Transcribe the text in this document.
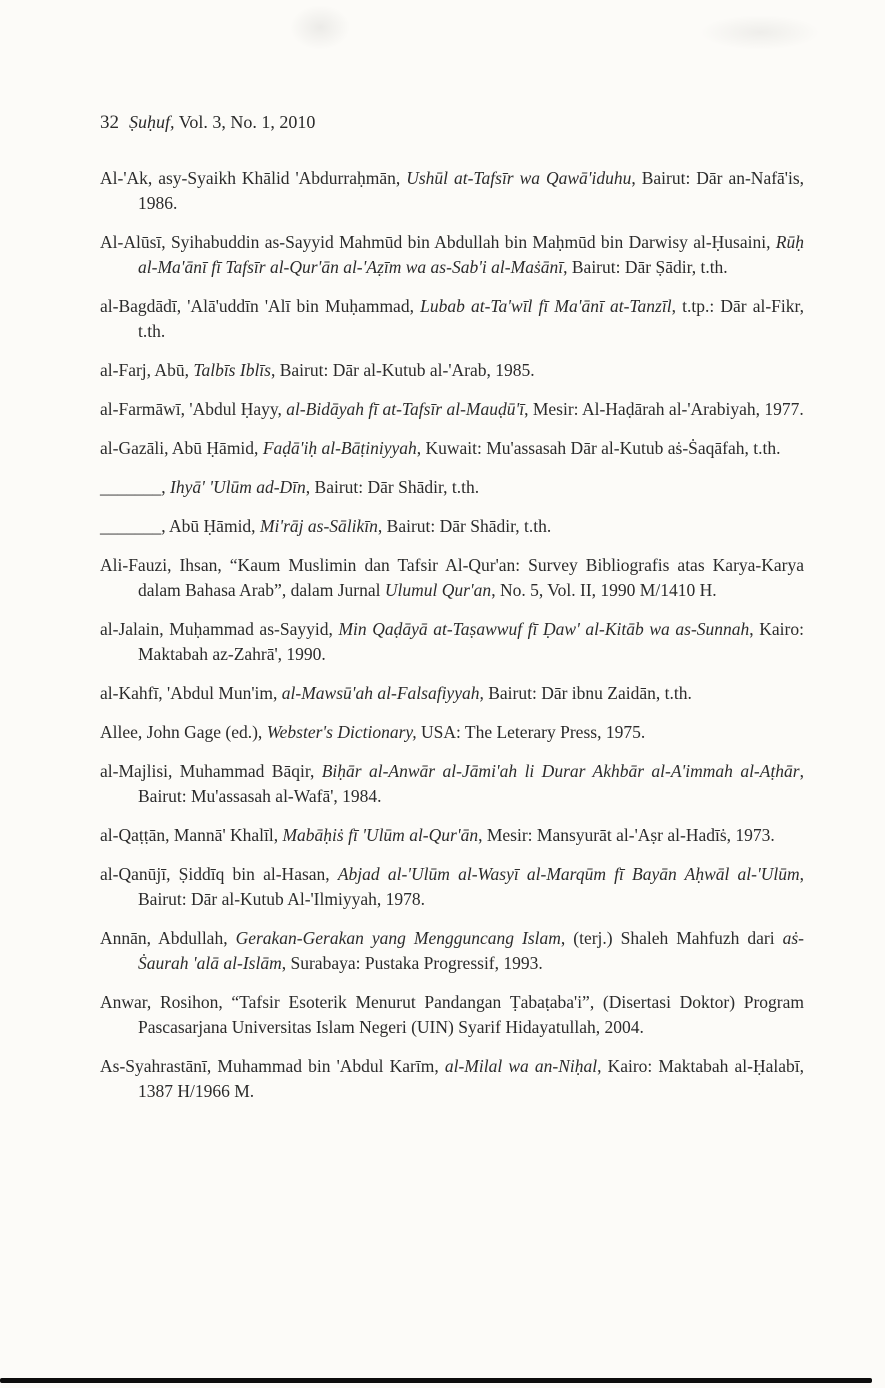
32 Ṣuḥuf, Vol. 3, No. 1, 2010

Al-'Ak, asy-Syaikh Khālid 'Abdurraḥmān, Ushūl at-Tafsīr wa Qawā'iduhu, Bairut: Dār an-Nafā'is, 1986.

Al-Alūsī, Syihabuddin as-Sayyid Mahmūd bin Abdullah bin Maḥmūd bin Darwisy al-Ḥusaini, Rūḥ al-Ma'ānī fī Tafsīr al-Qur'ān al-'Aẓīm wa as-Sab'i al-Maṡānī, Bairut: Dār Ṣādir, t.th.

al-Bagdādī, 'Alā'uddīn 'Alī bin Muḥammad, Lubab at-Ta'wīl fī Ma'ānī at-Tanzīl, t.tp.: Dār al-Fikr, t.th.

al-Farj, Abū, Talbīs Iblīs, Bairut: Dār al-Kutub al-'Arab, 1985.

al-Farmāwī, 'Abdul Ḥayy, al-Bidāyah fī at-Tafsīr al-Mauḍū'ī, Mesir: Al-Haḍārah al-'Arabiyah, 1977.

al-Gazāli, Abū Ḥāmid, Faḍā'iḥ al-Bāṭiniyyah, Kuwait: Mu'assasah Dār al-Kutub aṡ-Ṡaqāfah, t.th.

_______, Ihyā' 'Ulūm ad-Dīn, Bairut: Dār Shādir, t.th.

_______, Abū Ḥāmid, Mi'rāj as-Sālikīn, Bairut: Dār Shādir, t.th.

Ali-Fauzi, Ihsan, “Kaum Muslimin dan Tafsir Al-Qur'an: Survey Bibliografis atas Karya-Karya dalam Bahasa Arab”, dalam Jurnal Ulumul Qur'an, No. 5, Vol. II, 1990 M/1410 H.

al-Jalain, Muḥammad as-Sayyid, Min Qaḍāyā at-Taṣawwuf fī Ḍaw' al-Kitāb wa as-Sunnah, Kairo: Maktabah az-Zahrā', 1990.

al-Kahfī, 'Abdul Mun'im, al-Mawsū'ah al-Falsafiyyah, Bairut: Dār ibnu Zaidān, t.th.

Allee, John Gage (ed.), Webster's Dictionary, USA: The Leterary Press, 1975.

al-Majlisi, Muhammad Bāqir, Biḥār al-Anwār al-Jāmi'ah li Durar Akhbār al-A'immah al-Aṭhār, Bairut: Mu'assasah al-Wafā', 1984.

al-Qaṭṭān, Mannā' Khalīl, Mabāḥiṡ fī 'Ulūm al-Qur'ān, Mesir: Mansyurāt al-'Aṣr al-Hadīṡ, 1973.

al-Qanūjī, Ṣiddīq bin al-Hasan, Abjad al-'Ulūm al-Wasyī al-Marqūm fī Bayān Aḥwāl al-'Ulūm, Bairut: Dār al-Kutub Al-'Ilmiyyah, 1978.

Annān, Abdullah, Gerakan-Gerakan yang Mengguncang Islam, (terj.) Shaleh Mahfuzh dari aṡ-Ṡaurah 'alā al-Islām, Surabaya: Pustaka Progressif, 1993.

Anwar, Rosihon, “Tafsir Esoterik Menurut Pandangan Ṭabaṭaba'i”, (Disertasi Doktor) Program Pascasarjana Universitas Islam Negeri (UIN) Syarif Hidayatullah, 2004.

As-Syahrastānī, Muhammad bin 'Abdul Karīm, al-Milal wa an-Niḥal, Kairo: Maktabah al-Ḥalabī, 1387 H/1966 M.
